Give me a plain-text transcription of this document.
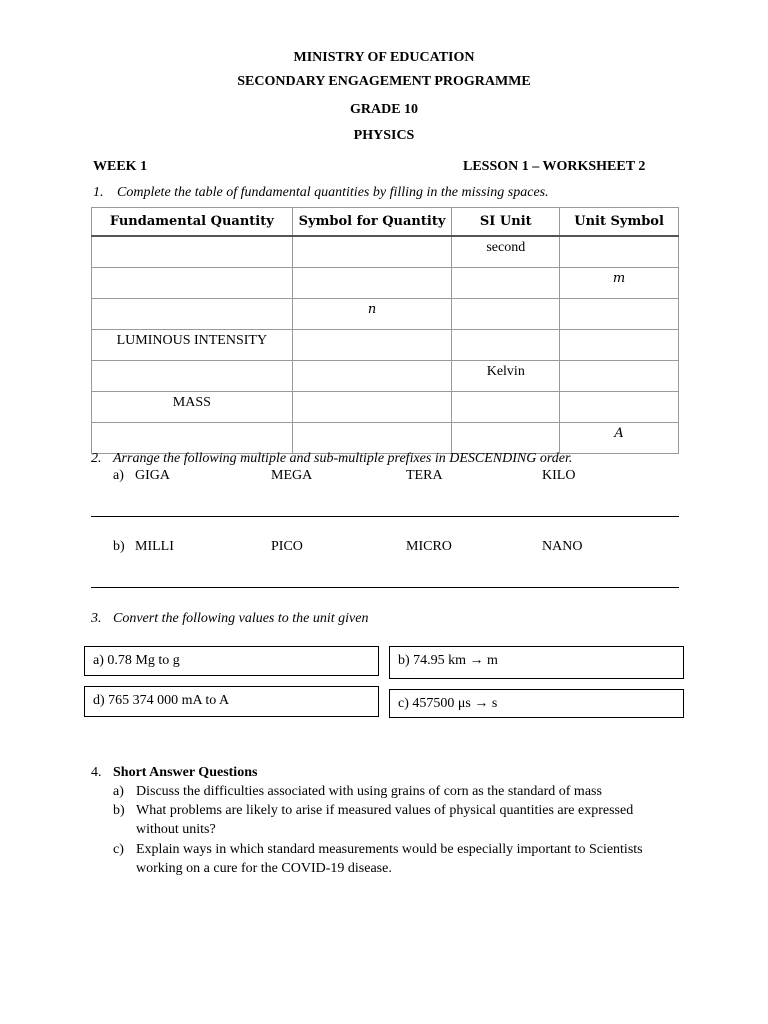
MINISTRY OF EDUCATION
SECONDARY ENGAGEMENT PROGRAMME
GRADE 10
PHYSICS
WEEK 1	LESSON 1 – WORKSHEET 2
1. Complete the table of fundamental quantities by filling in the missing spaces.
Fundamental Quantity	Symbol for Quantity	SI Unit	Unit Symbol
		second	
			m
	n		
LUMINOUS INTENSITY			
		Kelvin	
MASS			
			A
2. Arrange the following multiple and sub-multiple prefixes in DESCENDING order.
a) GIGA	MEGA	TERA	KILO
b) MILLI	PICO	MICRO	NANO
3. Convert the following values to the unit given
a) 0.78 Mg to g	b) 74.95 km → m
d) 765 374 000 mA to A	c) 457500 μs → s
4. Short Answer Questions
a) Discuss the difficulties associated with using grains of corn as the standard of mass
b) What problems are likely to arise if measured values of physical quantities are expressed
without units?
c) Explain ways in which standard measurements would be especially important to Scientists
working on a cure for the COVID-19 disease.
